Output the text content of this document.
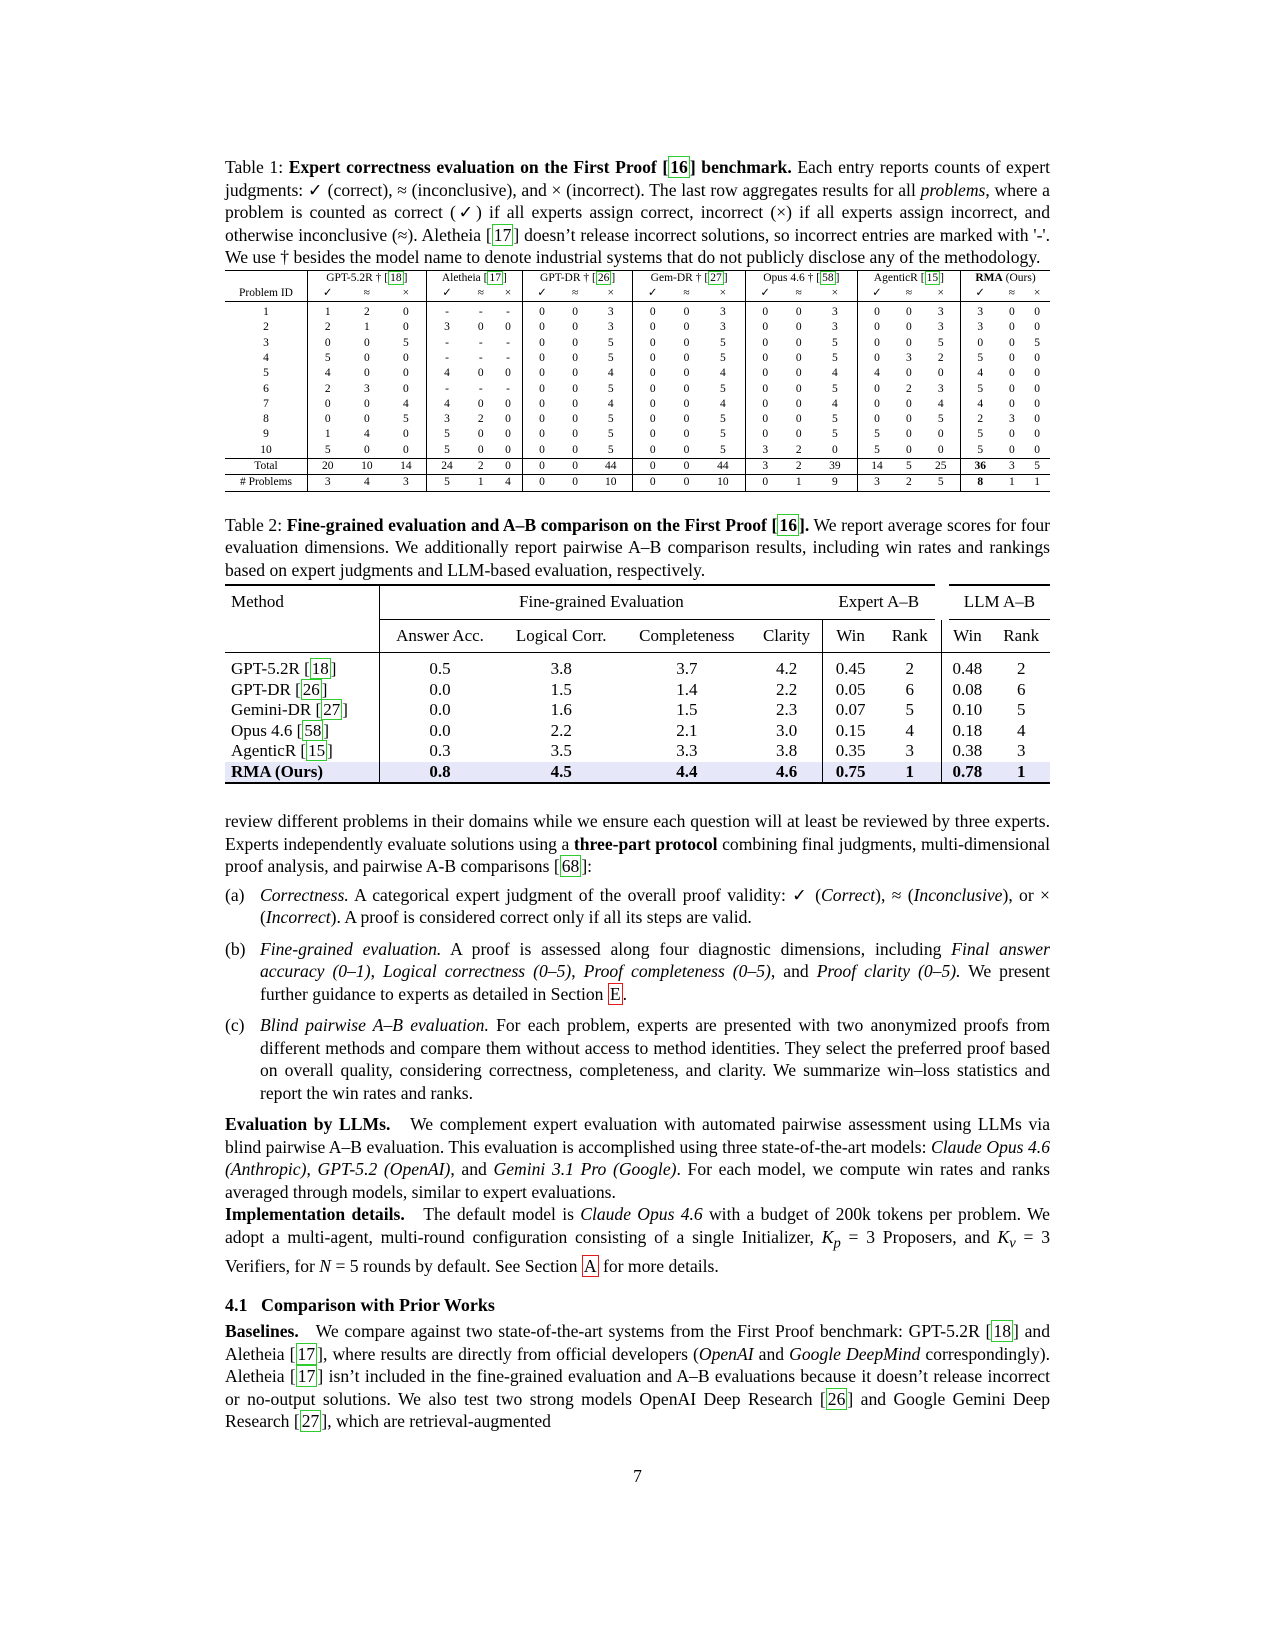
Table 1: Expert correctness evaluation on the First Proof [ 16 ] benchmark. Each entry reports counts of expert judgments: ✓ (correct), ≈ (inconclusive), and × (incorrect). The last row aggregates results for all problems, where a problem is counted as correct (✓) if all experts assign correct, incorrect (×) if all experts assign incorrect, and otherwise inconclusive (≈). Aletheia [ 17 ] doesn’t release incorrect solutions, so incorrect entries are marked with '-'. We use † besides the model name to denote industrial systems that do not publicly disclose any of the methodology.

	GPT-5.2R † [ 18 ]			Aletheia [ 17 ]			GPT-DR † [ 26 ]			Gem-DR † [ 27 ]			Opus 4.6 † [ 58 ]			AgenticR [ 15 ]			RMA (Ours)		
Problem ID	✓	≈	×	✓	≈	×	✓	≈	×	✓	≈	×	✓	≈	×	✓	≈	×	✓	≈	×
1	1	2	0	-	-	-	0	0	3	0	0	3	0	0	3	0	0	3	3	0	0
2	2	1	0	3	0	0	0	0	3	0	0	3	0	0	3	0	0	3	3	0	0
3	0	0	5	-	-	-	0	0	5	0	0	5	0	0	5	0	0	5	0	0	5
4	5	0	0	-	-	-	0	0	5	0	0	5	0	0	5	0	3	2	5	0	0
5	4	0	0	4	0	0	0	0	4	0	0	4	0	0	4	4	0	0	4	0	0
6	2	3	0	-	-	-	0	0	5	0	0	5	0	0	5	0	2	3	5	0	0
7	0	0	4	4	0	0	0	0	4	0	0	4	0	0	4	0	0	4	4	0	0
8	0	0	5	3	2	0	0	0	5	0	0	5	0	0	5	0	0	5	2	3	0
9	1	4	0	5	0	0	0	0	5	0	0	5	0	0	5	5	0	0	5	0	0
10	5	0	0	5	0	0	0	0	5	0	0	5	3	2	0	5	0	0	5	0	0
Total	20	10	14	24	2	0	0	0	44	0	0	44	3	2	39	14	5	25	36	3	5
# Problems	3	4	3	5	1	4	0	0	10	0	0	10	0	1	9	3	2	5	8	1	1

Table 2: Fine-grained evaluation and A–B comparison on the First Proof [ 16 ]. We report average scores for four evaluation dimensions. We additionally report pairwise A–B comparison results, including win rates and rankings based on expert judgments and LLM-based evaluation, respectively.

Method	Fine-grained Evaluation				Expert A–B		LLM A–B	
	Answer Acc.	Logical Corr.	Completeness	Clarity	Win	Rank	Win	Rank
GPT-5.2R [ 18 ]	0.5	3.8	3.7	4.2	0.45	2	0.48	2
GPT-DR [ 26 ]	0.0	1.5	1.4	2.2	0.05	6	0.08	6
Gemini-DR [ 27 ]	0.0	1.6	1.5	2.3	0.07	5	0.10	5
Opus 4.6 [ 58 ]	0.0	2.2	2.1	3.0	0.15	4	0.18	4
AgenticR [ 15 ]	0.3	3.5	3.3	3.8	0.35	3	0.38	3
RMA (Ours)	0.8	4.5	4.4	4.6	0.75	1	0.78	1

review different problems in their domains while we ensure each question will at least be reviewed by three experts. Experts independently evaluate solutions using a three-part protocol combining final judgments, multi-dimensional proof analysis, and pairwise A-B comparisons [ 68 ]:

(a) Correctness. A categorical expert judgment of the overall proof validity: ✓ (Correct), ≈ (Inconclusive), or × (Incorrect). A proof is considered correct only if all its steps are valid.
(b) Fine-grained evaluation. A proof is assessed along four diagnostic dimensions, including Final answer accuracy (0–1), Logical correctness (0–5), Proof completeness (0–5), and Proof clarity (0–5). We present further guidance to experts as detailed in Section E .
(c) Blind pairwise A–B evaluation. For each problem, experts are presented with two anonymized proofs from different methods and compare them without access to method identities. They select the preferred proof based on overall quality, considering correctness, completeness, and clarity. We summarize win–loss statistics and report the win rates and ranks.

Evaluation by LLMs. We complement expert evaluation with automated pairwise assessment using LLMs via blind pairwise A–B evaluation. This evaluation is accomplished using three state-of-the-art models: Claude Opus 4.6 (Anthropic), GPT-5.2 (OpenAI), and Gemini 3.1 Pro (Google). For each model, we compute win rates and ranks averaged through models, similar to expert evaluations.

Implementation details. The default model is Claude Opus 4.6 with a budget of 200k tokens per problem. We adopt a multi-agent, multi-round configuration consisting of a single Initializer, $K_p = 3$ Proposers, and $K_v = 3$ Verifiers, for N = 5 rounds by default. See Section A for more details.

4.1 Comparison with Prior Works

Baselines. We compare against two state-of-the-art systems from the First Proof benchmark: GPT-5.2R [ 18 ] and Aletheia [ 17 ], where results are directly from official developers (OpenAI and Google DeepMind correspondingly). Aletheia [ 17 ] isn’t included in the fine-grained evaluation and A–B evaluations because it doesn’t release incorrect or no-output solutions. We also test two strong models OpenAI Deep Research [ 26 ] and Google Gemini Deep Research [ 27 ], which are retrieval-augmented

7
